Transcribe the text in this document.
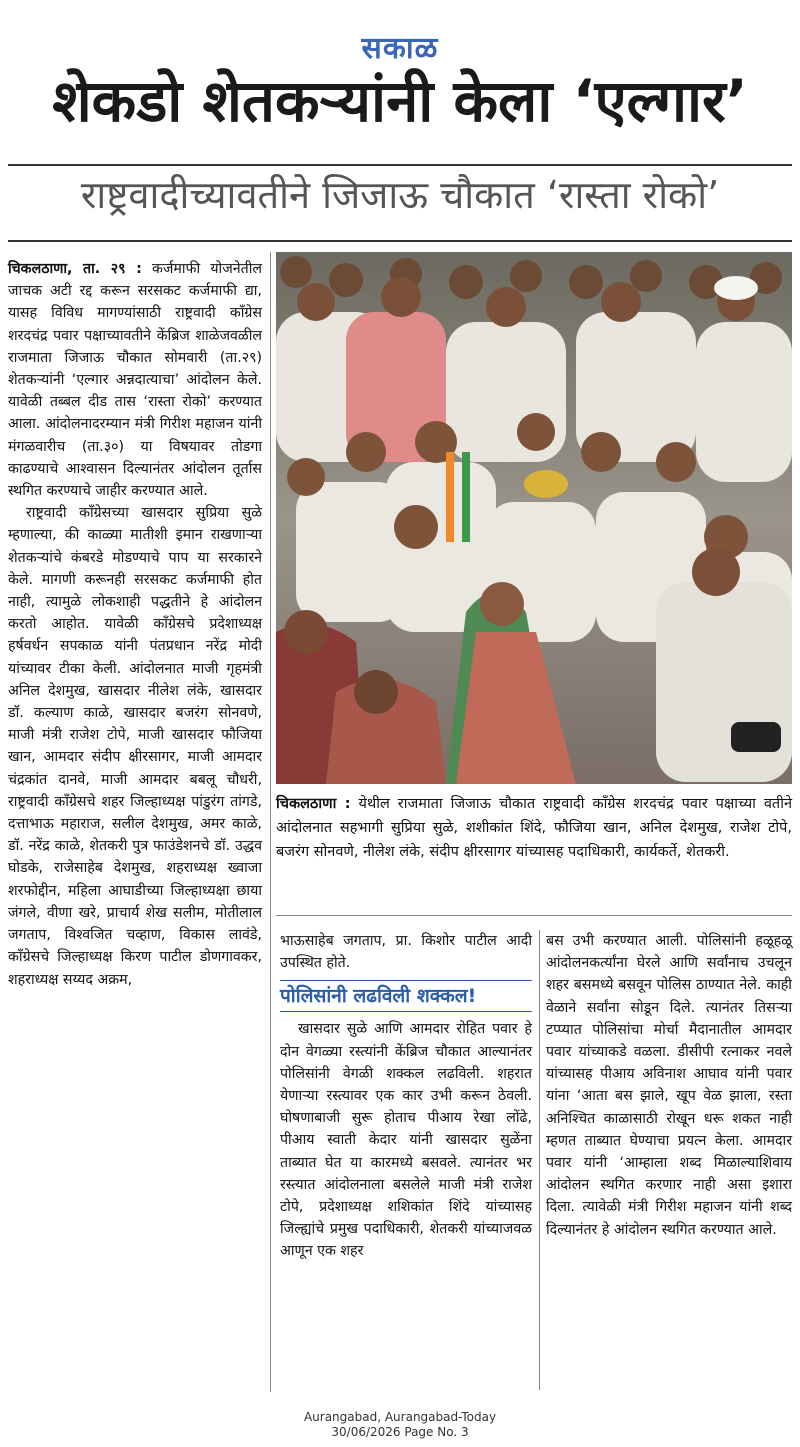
सकाळ
शेकडो शेतकऱ्यांनी केला ‘एल्गार’
राष्ट्रवादीच्यावतीने जिजाऊ चौकात ‘रास्ता रोको’

चिकलठाणा, ता. २९ : कर्जमाफी योजनेतील जाचक अटी रद्द करून सरसकट कर्जमाफी द्या, यासह विविध मागण्यांसाठी राष्ट्रवादी काँग्रेस शरदचंद्र पवार पक्षाच्यावतीने केंब्रिज शाळेजवळील राजमाता जिजाऊ चौकात सोमवारी (ता.२९) शेतकऱ्यांनी ‘एल्गार अन्नदात्याचा’ आंदोलन केले. यावेळी तब्बल दीड तास ‘रास्ता रोको’ करण्यात आला. आंदोलनादरम्यान मंत्री गिरीश महाजन यांनी मंगळवारीच (ता.३०) या विषयावर तोडगा काढण्याचे आश्वासन दिल्यानंतर आंदोलन तूर्तास स्थगित करण्याचे जाहीर करण्यात आले.

राष्ट्रवादी काँग्रेसच्या खासदार सुप्रिया सुळे म्हणाल्या, की काळ्या मातीशी इमान राखणाऱ्या शेतकऱ्यांचे कंबरडे मोडण्याचे पाप या सरकारने केले. मागणी करूनही सरसकट कर्जमाफी होत नाही, त्यामुळे लोकशाही पद्धतीने हे आंदोलन करतो आहोत. यावेळी काँग्रेसचे प्रदेशाध्यक्ष हर्षवर्धन सपकाळ यांनी पंतप्रधान नरेंद्र मोदी यांच्यावर टीका केली. आंदोलनात माजी गृहमंत्री अनिल देशमुख, खासदार नीलेश लंके, खासदार डॉ. कल्याण काळे, खासदार बजरंग सोनवणे, माजी मंत्री राजेश टोपे, माजी खासदार फौजिया खान, आमदार संदीप क्षीरसागर, माजी आमदार चंद्रकांत दानवे, माजी आमदार बबलू चौधरी, राष्ट्रवादी काँग्रेसचे शहर जिल्हाध्यक्ष पांडुरंग तांगडे, दत्ताभाऊ महाराज, सलील देशमुख, अमर काळे, डॉ. नरेंद्र काळे, शेतकरी पुत्र फाउंडेशनचे डॉ. उद्धव घोडके, राजेसाहेब देशमुख, शहराध्यक्ष ख्वाजा शरफोद्दीन, महिला आघाडीच्या जिल्हाध्यक्षा छाया जंगले, वीणा खरे, प्राचार्य शेख सलीम, मोतीलाल जगताप, विश्वजित चव्हाण, विकास लावंडे, काँग्रेसचे जिल्हाध्यक्ष किरण पाटील डोणगावकर, शहराध्यक्ष सय्यद अक्रम,

चिकलठाणा : येथील राजमाता जिजाऊ चौकात राष्ट्रवादी काँग्रेस शरदचंद्र पवार पक्षाच्या वतीने आंदोलनात सहभागी सुप्रिया सुळे, शशीकांत शिंदे, फौजिया खान, अनिल देशमुख, राजेश टोपे, बजरंग सोनवणे, नीलेश लंके, संदीप क्षीरसागर यांच्यासह पदाधिकारी, कार्यकर्ते, शेतकरी.

भाऊसाहेब जगताप, प्रा. किशोर पाटील आदी उपस्थित होते.

पोलिसांनी लढविली शक्कल!

खासदार सुळे आणि आमदार रोहित पवार हे दोन वेगळ्या रस्त्यांनी केंब्रिज चौकात आल्यानंतर पोलिसांनी वेगळी शक्कल लढविली. शहरात येणाऱ्या रस्त्यावर एक कार उभी करून ठेवली. घोषणाबाजी सुरू होताच पीआय रेखा लोंढे, पीआय स्वाती केदार यांनी खासदार सुळेंना ताब्यात घेत या कारमध्ये बसवले. त्यानंतर भर रस्त्यात आंदोलनाला बसलेले माजी मंत्री राजेश टोपे, प्रदेशाध्यक्ष शशिकांत शिंदे यांच्यासह जिल्ह्यांचे प्रमुख पदाधिकारी, शेतकरी यांच्याजवळ आणून एक शहर

बस उभी करण्यात आली. पोलिसांनी हळूहळू आंदोलनकर्त्यांना घेरले आणि सर्वांनाच उचलून शहर बसमध्ये बसवून पोलिस ठाण्यात नेले. काही वेळाने सर्वांना सोडून दिले. त्यानंतर तिसऱ्या टप्प्यात पोलिसांचा मोर्चा मैदानातील आमदार पवार यांच्याकडे वळला. डीसीपी रत्नाकर नवले यांच्यासह पीआय अविनाश आघाव यांनी पवार यांना ‘आता बस झाले, खूप वेळ झाला, रस्ता अनिश्चित काळासाठी रोखून धरू शकत नाही म्हणत ताब्यात घेण्याचा प्रयत्न केला. आमदार पवार यांनी ‘आम्हाला शब्द मिळाल्याशिवाय आंदोलन स्थगित करणार नाही असा इशारा दिला. त्यावेळी मंत्री गिरीश महाजन यांनी शब्द दिल्यानंतर हे आंदोलन स्थगित करण्यात आले.

Aurangabad, Aurangabad-Today
30/06/2026 Page No. 3
